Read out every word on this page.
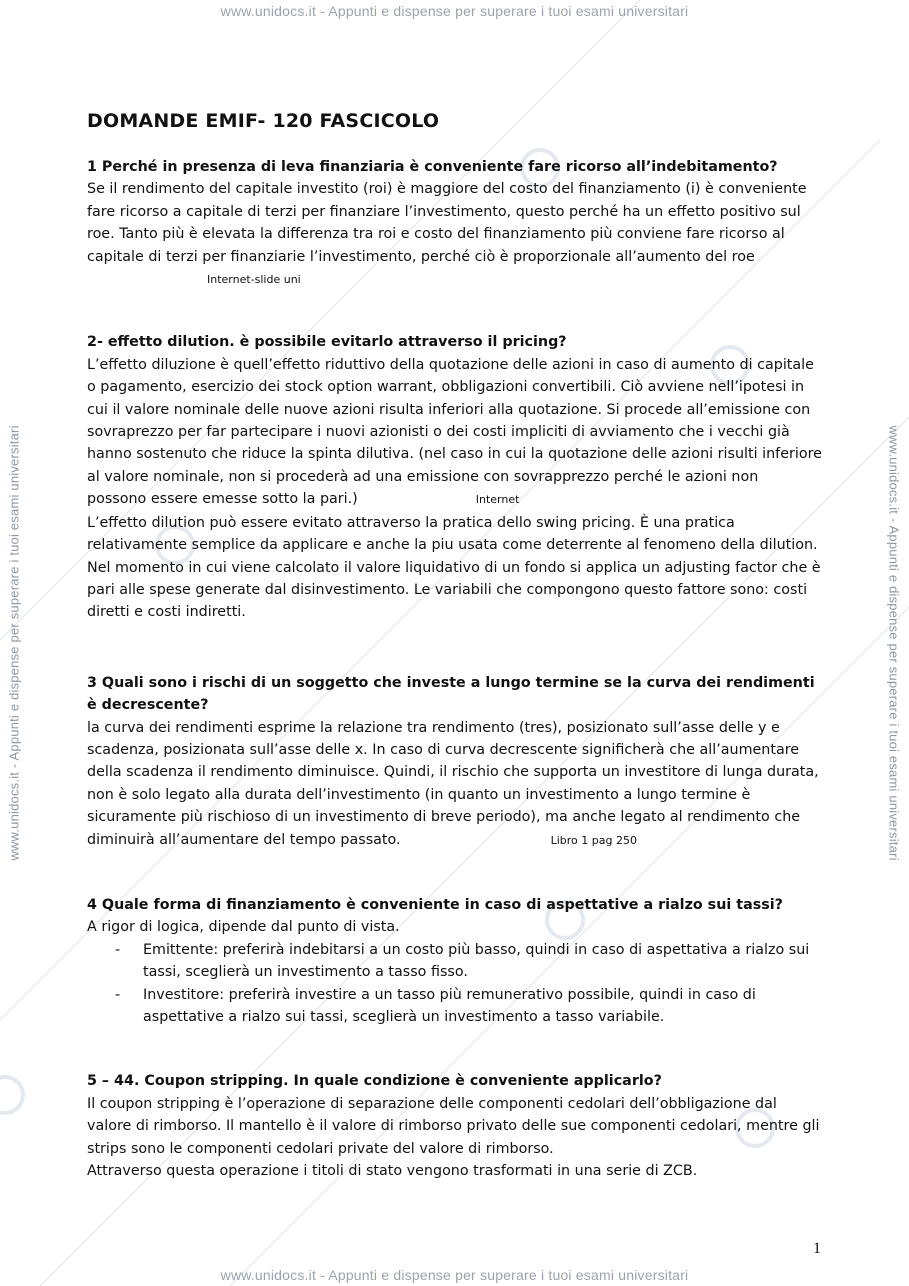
www.unidocs.it - Appunti e dispense per superare i tuoi esami universitari
www.unidocs.it - Appunti e dispense per superare i tuoi esami universitari
www.unidocs.it - Appunti e dispense per superare i tuoi esami universitari	www.unidocs.it - Appunti e dispense per superare i tuoi esami universitari
DOMANDE EMIF- 120 FASCICOLO

1 Perché in presenza di leva finanziaria è conveniente fare ricorso all’indebitamento?

Se il rendimento del capitale investito (roi) è maggiore del costo del finanziamento (i) è conveniente fare ricorso a capitale di terzi per finanziare l’investimento, questo perché ha un effetto positivo sul roe. Tanto più è elevata la differenza tra roi e costo del finanziamento più conviene fare ricorso al capitale di terzi per finanziarie l’investimento, perché ciò è proporzionale all’aumento del roeInternet-slide uni

2- effetto dilution. è possibile evitarlo attraverso il pricing?

L’effetto diluzione è quell’effetto riduttivo della quotazione delle azioni in caso di aumento di capitale o pagamento, esercizio dei stock option warrant, obbligazioni convertibili. Ciò avviene nell’ipotesi in cui il valore nominale delle nuove azioni risulta inferiori alla quotazione. Si procede all’emissione con sovraprezzo per far partecipare i nuovi azionisti o dei costi impliciti di avviamento che i vecchi già hanno sostenuto che riduce la spinta dilutiva. (nel caso in cui la quotazione delle azioni risulti inferiore al valore nominale, non si procederà ad una emissione con sovrapprezzo perché le azioni non possono essere emesse sotto la pari.)	Internet

L’effetto dilution può essere evitato attraverso la pratica dello swing pricing. È una pratica relativamente semplice da applicare e anche la piu usata come deterrente al fenomeno della dilution. Nel momento in cui viene calcolato il valore liquidativo di un fondo si applica un adjusting factor che è pari alle spese generate dal disinvestimento. Le variabili che compongono questo fattore sono: costi diretti e costi indiretti.

3 Quali sono i rischi di un soggetto che investe a lungo termine se la curva dei rendimenti è decrescente?

la curva dei rendimenti esprime la relazione tra rendimento (tres), posizionato sull’asse delle y e scadenza, posizionata sull’asse delle x. In caso di curva decrescente significherà che all’aumentare della scadenza il rendimento diminuisce. Quindi, il rischio che supporta un investitore di lunga durata, non è solo legato alla durata dell’investimento (in quanto un investimento a lungo termine è sicuramente più rischioso di un investimento di breve periodo), ma anche legato al rendimento che diminuirà all’aumentare del tempo passato.	Libro 1 pag 250

4 Quale forma di finanziamento è conveniente in caso di aspettative a rialzo sui tassi?

A rigor di logica, dipende dal punto di vista.

- Emittente: preferirà indebitarsi a un costo più basso, quindi in caso di aspettativa a rialzo sui tassi, sceglierà un investimento a tasso fisso.
- Investitore: preferirà investire a un tasso più remunerativo possibile, quindi in caso di aspettative a rialzo sui tassi, sceglierà un investimento a tasso variabile.

5 – 44. Coupon stripping. In quale condizione è conveniente applicarlo?

Il coupon stripping è l’operazione di separazione delle componenti cedolari dell’obbligazione dal valore di rimborso. Il mantello è il valore di rimborso privato delle sue componenti cedolari, mentre gli strips sono le componenti cedolari private del valore di rimborso.

Attraverso questa operazione i titoli di stato vengono trasformati in una serie di ZCB.

1
